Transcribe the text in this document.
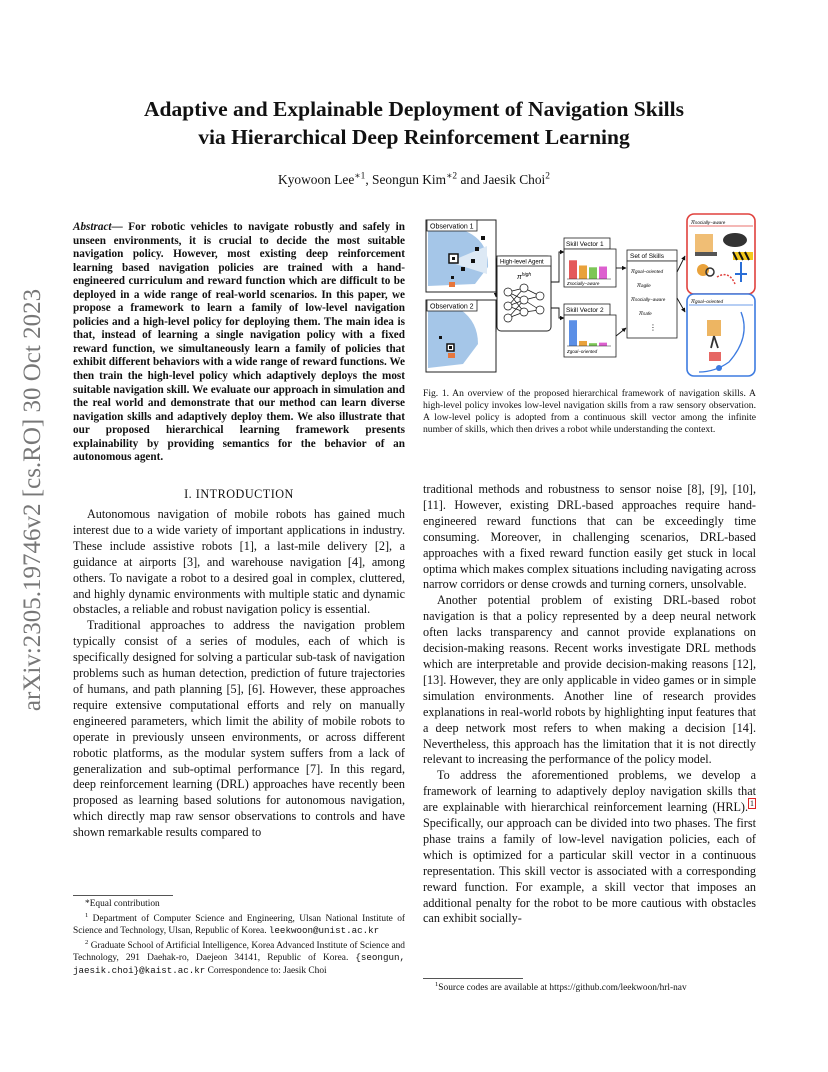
arXiv:2305.19746v2 [cs.RO] 30 Oct 2023
Adaptive and Explainable Deployment of Navigation Skills
via Hierarchical Deep Reinforcement Learning
Kyowoon Lee$^{∗1}$, Seongun Kim$^{∗2}$ and Jaesik Choi$^2$
Abstract— For robotic vehicles to navigate robustly and safely in unseen environments, it is crucial to decide the most suitable navigation policy. However, most existing deep reinforcement learning based navigation policies are trained with a hand-engineered curriculum and reward function which are difficult to be deployed in a wide range of real-world scenarios. In this paper, we propose a framework to learn a family of low-level navigation policies and a high-level policy for deploying them. The main idea is that, instead of learning a single navigation policy with a fixed reward function, we simultaneously learn a family of policies that exhibit different behaviors with a wide range of reward functions. We then train the high-level policy which adaptively deploys the most suitable navigation skill. We evaluate our approach in simulation and the real world and demonstrate that our method can learn diverse navigation skills and adaptively deploy them. We also illustrate that our proposed hierarchical learning framework presents explainability by providing semantics for the behavior of an autonomous agent.
I. INTRODUCTION

Autonomous navigation of mobile robots has gained much interest due to a wide variety of important applications in industry. These include assistive robots [1], a last-mile delivery [2], a guidance at airports [3], and warehouse navigation [4], among others. To navigate a robot to a desired goal in complex, cluttered, and highly dynamic environments with multiple static and dynamic obstacles, a reliable and robust navigation policy is essential.

Traditional approaches to address the navigation problem typically consist of a series of modules, each of which is specifically designed for solving a particular sub-task of navigation problems such as human detection, prediction of future trajectories of humans, and path planning [5], [6]. However, these approaches require extensive computational efforts and rely on manually engineered parameters, which limit the ability of mobile robots to operate in previously unseen environments, or across different robotic platforms, as the modular system suffers from a lack of generalization and sub-optimal performance [7]. In this regard, deep reinforcement learning (DRL) approaches have recently been proposed as learning based solutions for autonomous navigation, which directly map raw sensor observations to controls and have shown remarkable results compared to

*Equal contribution

$^1$ Department of Computer Science and Engineering, Ulsan National Institute of Science and Technology, Ulsan, Republic of Korea. leekwoon@unist.ac.kr

$^2$ Graduate School of Artificial Intelligence, Korea Advanced Institute of Science and Technology, 291 Daehak-ro, Daejeon 34141, Republic of Korea. {seongun, jaesik.choi}@kaist.ac.kr Correspondence to: Jaesik Choi

Observation 1
Observation 2
High-level Agent
$\pi^{high}$
Skill Vector 1
zsocially−aware
Skill Vector 2
zgoal−oriented
Set of Skills
πgoal−oriented
πagile
πsocially−aware
πsafe
⋮
πsocially−aware
πgoal−oriented
Fig. 1. An overview of the proposed hierarchical framework of navigation skills. A high-level policy invokes low-level navigation skills from a raw sensory observation. A low-level policy is adopted from a continuous skill vector among the infinite number of skills, which then drives a robot while understanding the context.

traditional methods and robustness to sensor noise [8], [9], [10], [11]. However, existing DRL-based approaches require hand-engineered reward functions that can be exceedingly time consuming. Moreover, in challenging scenarios, DRL-based approaches with a fixed reward function easily get stuck in local optima which makes complex situations including navigating across narrow corridors or dense crowds and turning corners, unsolvable.

Another potential problem of existing DRL-based robot navigation is that a policy represented by a deep neural network often lacks transparency and cannot provide explanations on decision-making reasons. Recent works investigate DRL methods which are interpretable and provide decision-making reasons [12], [13]. However, they are only applicable in video games or in simple simulation environments. Another line of research provides explanations in real-world robots by highlighting input features that a deep network most refers to when making a decision [14]. Nevertheless, this approach has the limitation that it is not directly relevant to increasing the performance of the policy model.

To address the aforementioned problems, we develop a framework of learning to adaptively deploy navigation skills that are explainable with hierarchical reinforcement learning (HRL). $^1$ Specifically, our approach can be divided into two phases. The first phase trains a family of low-level navigation policies, each of which is optimized for a particular skill vector in a continuous representation. This skill vector is associated with a corresponding reward function. For example, a skill vector that imposes an additional penalty for the robot to be more cautious with obstacles can exhibit socially-

$^1$Source codes are available at https://github.com/leekwoon/hrl-nav
